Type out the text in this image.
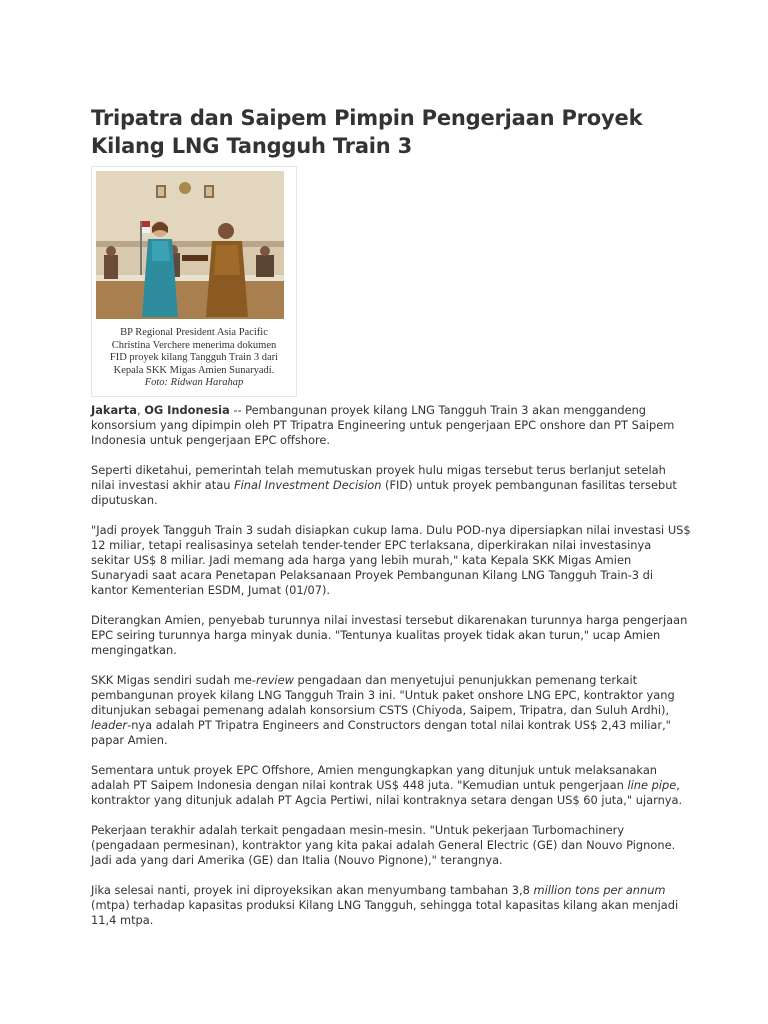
Tripatra dan Saipem Pimpin Pengerjaan Proyek Kilang LNG Tangguh Train 3
BP Regional President Asia Pacific
Christina Verchere menerima dokumen
FID proyek kilang Tangguh Train 3 dari
Kepala SKK Migas Amien Sunaryadi.
Foto: Ridwan Harahap

Jakarta, OG Indonesia -- Pembangunan proyek kilang LNG Tangguh Train 3 akan menggandeng konsorsium yang dipimpin oleh PT Tripatra Engineering untuk pengerjaan EPC onshore dan PT Saipem Indonesia untuk pengerjaan EPC offshore.

Seperti diketahui, pemerintah telah memutuskan proyek hulu migas tersebut terus berlanjut setelah nilai investasi akhir atau Final Investment Decision (FID) untuk proyek pembangunan fasilitas tersebut diputuskan.

"Jadi proyek Tangguh Train 3 sudah disiapkan cukup lama. Dulu POD-nya dipersiapkan nilai investasi US$ 12 miliar, tetapi realisasinya setelah tender-tender EPC terlaksana, diperkirakan nilai investasinya sekitar US$ 8 miliar. Jadi memang ada harga yang lebih murah," kata Kepala SKK Migas Amien Sunaryadi saat acara Penetapan Pelaksanaan Proyek Pembangunan Kilang LNG Tangguh Train-3 di kantor Kementerian ESDM, Jumat (01/07).

Diterangkan Amien, penyebab turunnya nilai investasi tersebut dikarenakan turunnya harga pengerjaan EPC seiring turunnya harga minyak dunia. "Tentunya kualitas proyek tidak akan turun," ucap Amien mengingatkan.

SKK Migas sendiri sudah me-review pengadaan dan menyetujui penunjukkan pemenang terkait pembangunan proyek kilang LNG Tangguh Train 3 ini. "Untuk paket onshore LNG EPC, kontraktor yang ditunjukan sebagai pemenang adalah konsorsium CSTS (Chiyoda, Saipem, Tripatra, dan Suluh Ardhi), leader-nya adalah PT Tripatra Engineers and Constructors dengan total nilai kontrak US$ 2,43 miliar," papar Amien.

Sementara untuk proyek EPC Offshore, Amien mengungkapkan yang ditunjuk untuk melaksanakan adalah PT Saipem Indonesia dengan nilai kontrak US$ 448 juta. "Kemudian untuk pengerjaan line pipe, kontraktor yang ditunjuk adalah PT Agcia Pertiwi, nilai kontraknya setara dengan US$ 60 juta," ujarnya.

Pekerjaan terakhir adalah terkait pengadaan mesin-mesin. "Untuk pekerjaan Turbomachinery (pengadaan permesinan), kontraktor yang kita pakai adalah General Electric (GE) dan Nouvo Pignone. Jadi ada yang dari Amerika (GE) dan Italia (Nouvo Pignone)," terangnya.

Jika selesai nanti, proyek ini diproyeksikan akan menyumbang tambahan 3,8 million tons per annum (mtpa) terhadap kapasitas produksi Kilang LNG Tangguh, sehingga total kapasitas kilang akan menjadi 11,4 mtpa.
